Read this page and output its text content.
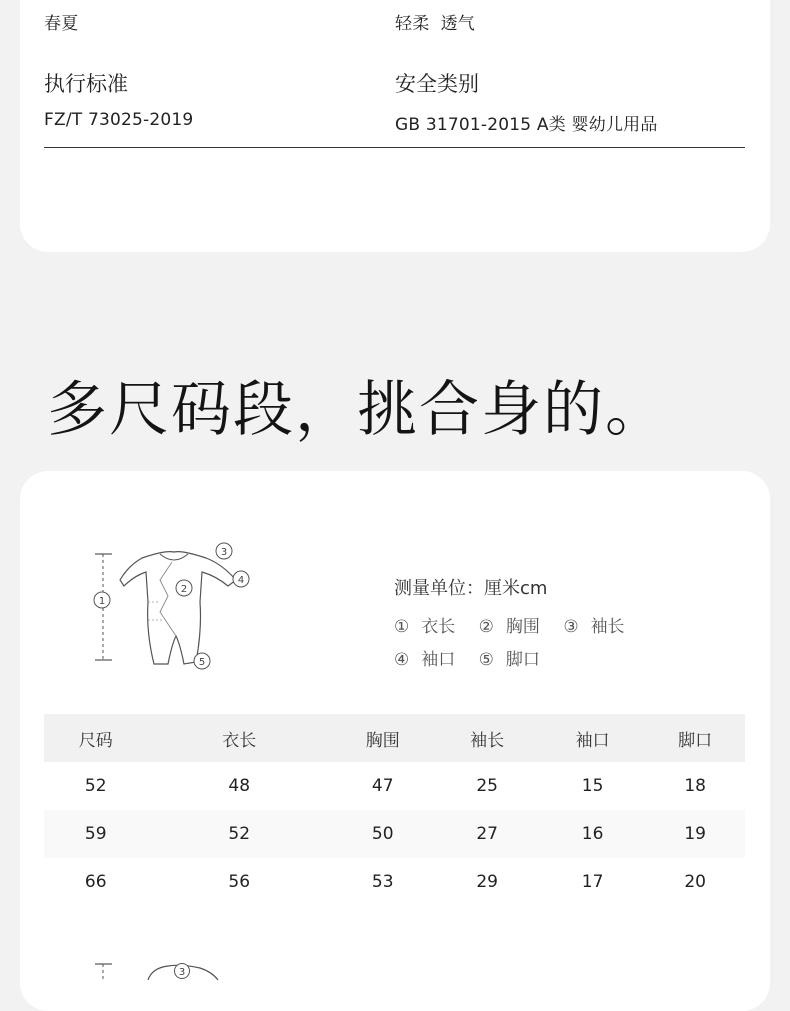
春夏	轻柔  透气
执行标准
FZ/T 73025-2019
安全类别
GB 31701-2015 A类 婴幼儿用品
多尺码段，挑合身的。
1
3
2
4
5
测量单位：厘米cm
① 衣长 ② 胸围 ③ 袖长
④ 袖口 ⑤ 脚口
尺码	衣长	胸围	袖长	袖口	脚口
52	48	47	25	15	18
59	52	50	27	16	19
66	56	53	29	17	20
3
